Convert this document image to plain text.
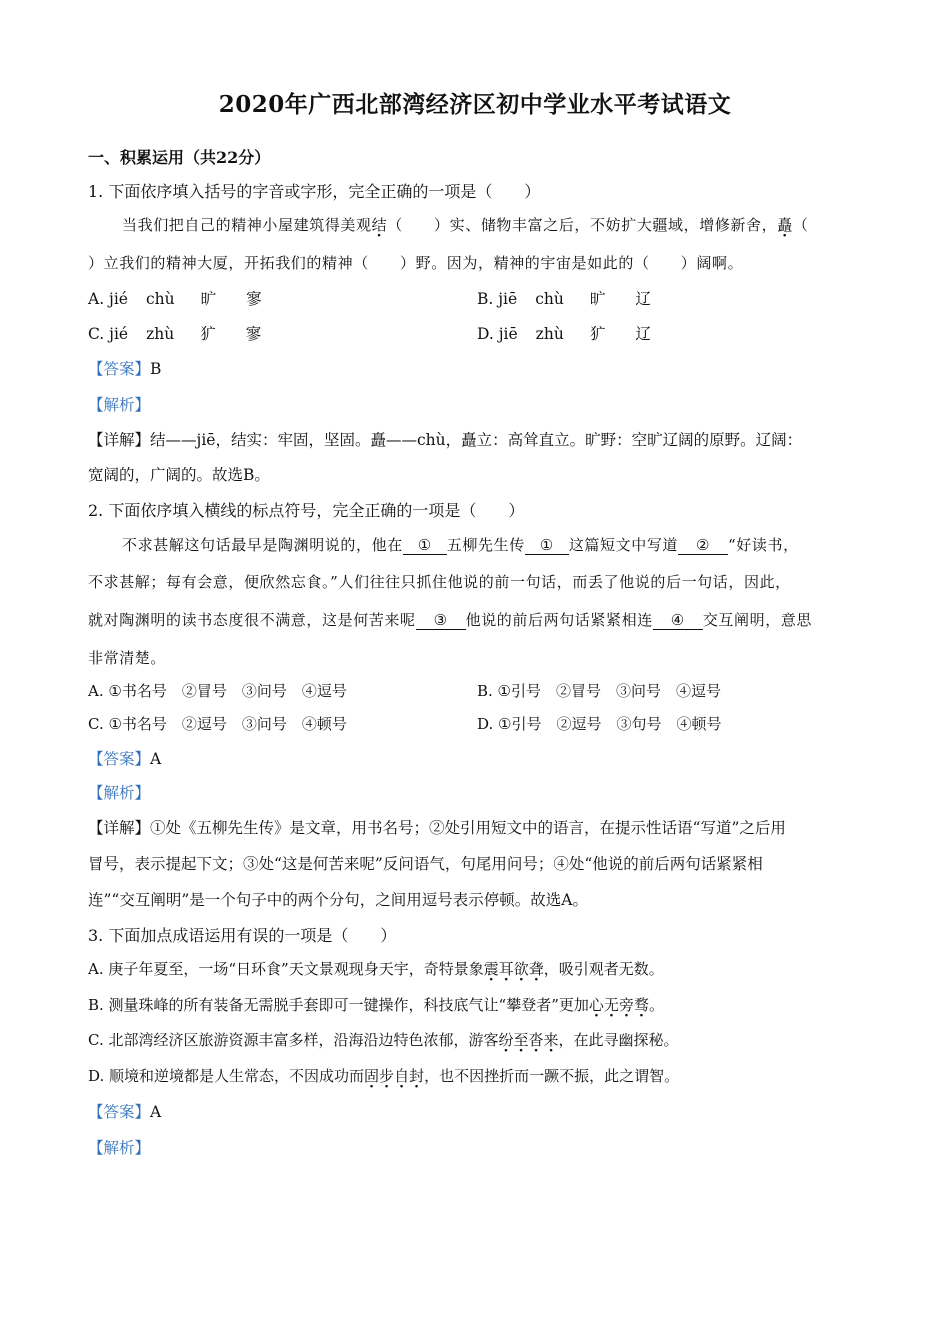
2020年广西北部湾经济区初中学业水平考试语文
一、积累运用（共22分）
1. 下面依序填入括号的字音或字形，完全正确的一项是（　　）
当我们把自己的精神小屋建筑得美观结（　　）实、储物丰富之后，不妨扩大疆域，增修新舍，矗（
）立我们的精神大厦，开拓我们的精神（　　）野。因为，精神的宇宙是如此的（　　）阔啊。
A. jié chù 旷 寥	B. jiē chù 旷 辽
C. jié zhù 犷 寥	D. jiē zhù 犷 辽
【答案】B
【解析】
【详解】结——jiē，结实：牢固，坚固。矗——chù，矗立：高耸直立。旷野：空旷辽阔的原野。辽阔：
宽阔的，广阔的。故选B。
2. 下面依序填入横线的标点符号，完全正确的一项是（　　）
不求甚解这句话最早是陶渊明说的，他在 ① 五柳先生传 ① 这篇短文中写道 ② “好读书，
不求甚解；每有会意，便欣然忘食。”人们往往只抓住他说的前一句话，而丢了他说的后一句话，因此，
就对陶渊明的读书态度很不满意，这是何苦来呢 ③ 他说的前后两句话紧紧相连 ④ 交互阐明，意思
非常清楚。
A. ①书名号　②冒号　③问号　④逗号	B. ①引号　②冒号　③问号　④逗号
C. ①书名号　②逗号　③问号　④顿号	D. ①引号　②逗号　③句号　④顿号
【答案】A
【解析】
【详解】①处《五柳先生传》是文章，用书名号；②处引用短文中的语言，在提示性话语“写道”之后用
冒号，表示提起下文；③处“这是何苦来呢”反问语气，句尾用问号；④处“他说的前后两句话紧紧相
连”“交互阐明”是一个句子中的两个分句，之间用逗号表示停顿。故选A。
3. 下面加点成语运用有误的一项是（　　）
A. 庚子年夏至，一场“日环食”天文景观现身天宇，奇特景象震耳欲聋，吸引观者无数。
B. 测量珠峰的所有装备无需脱手套即可一键操作，科技底气让“攀登者”更加心无旁骛。
C. 北部湾经济区旅游资源丰富多样，沿海沿边特色浓郁，游客纷至沓来，在此寻幽探秘。
D. 顺境和逆境都是人生常态，不因成功而固步自封，也不因挫折而一蹶不振，此之谓智。
【答案】A
【解析】
